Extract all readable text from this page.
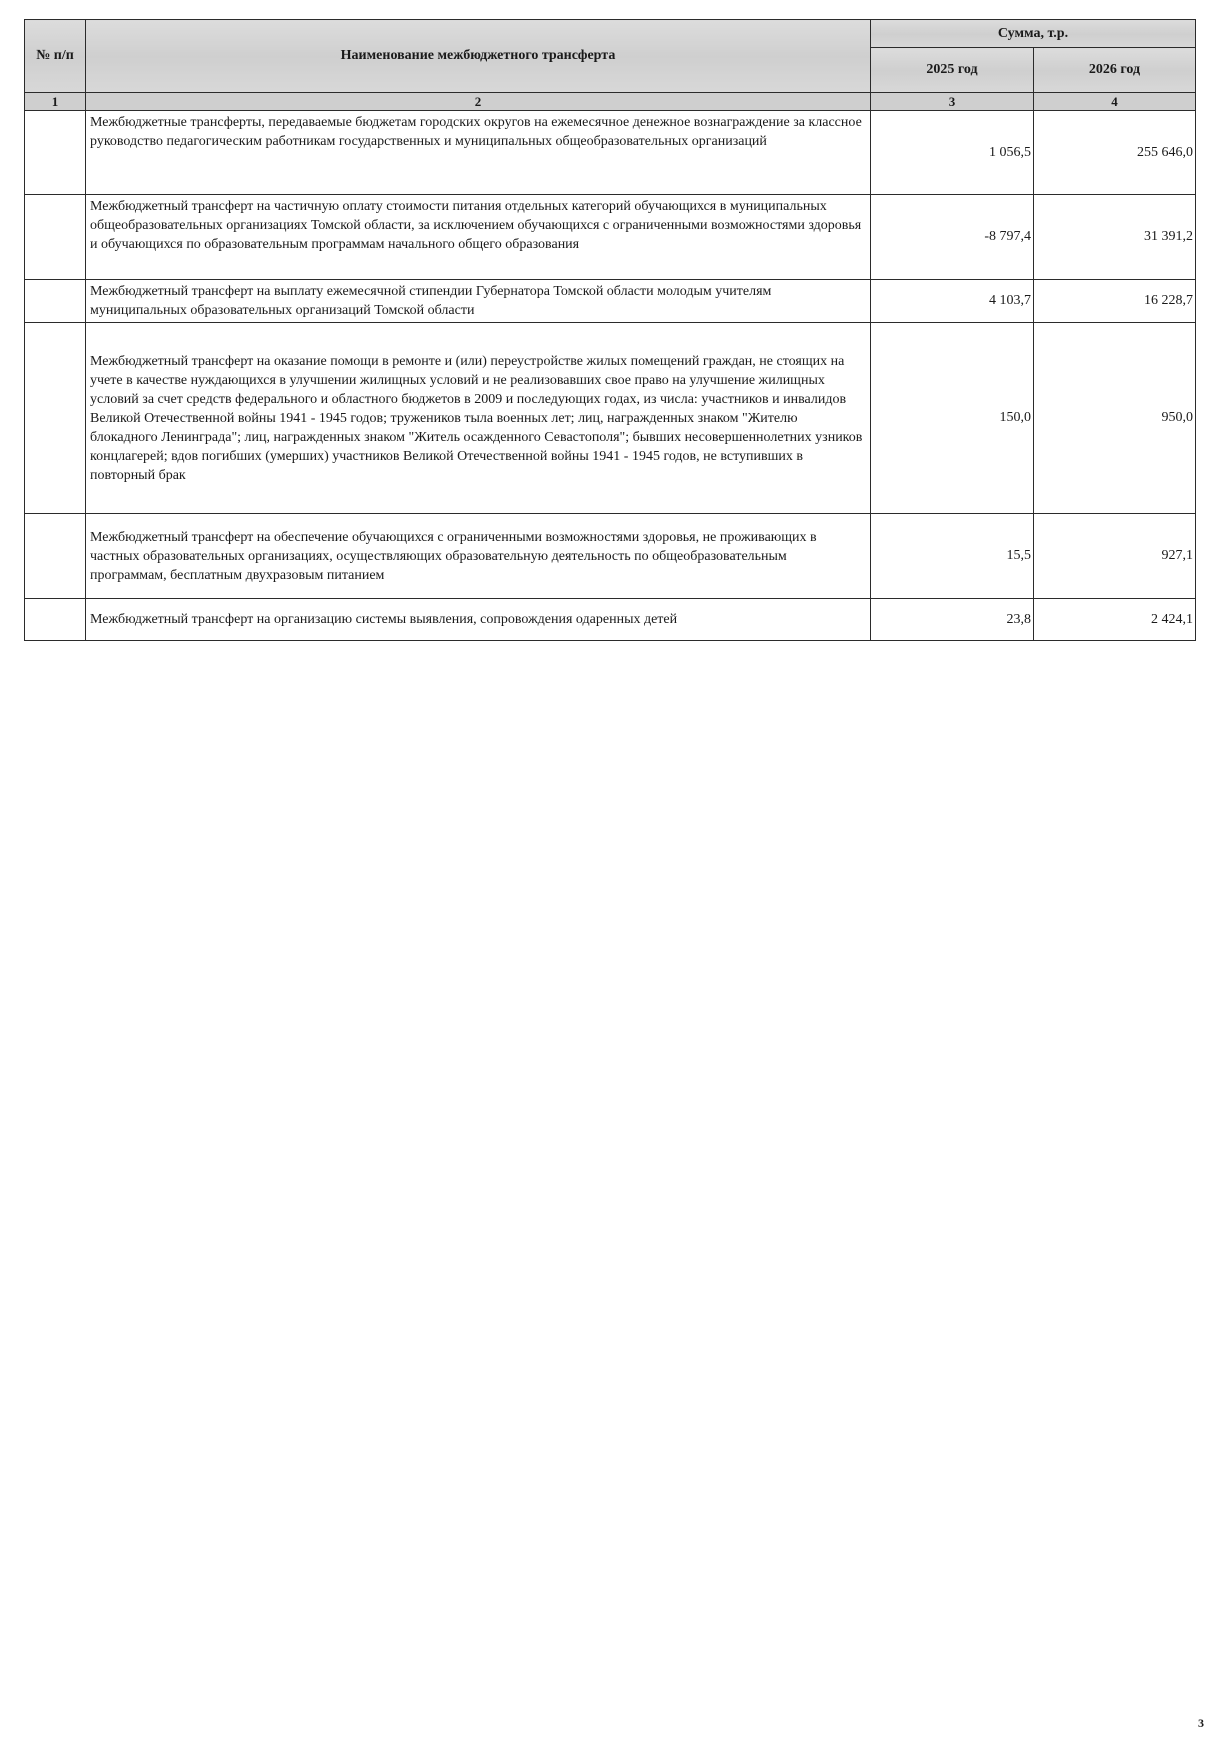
№ п/п	Наименование межбюджетного трансферта	Сумма, т.р.	
		2025 год	2026 год
1	2	3	4
	Межбюджетные трансферты, передаваемые бюджетам городских округов на ежемесячное денежное вознаграждение за классное руководство педагогическим работникам государственных и муниципальных общеобразовательных организаций	1 056,5	255 646,0
	Межбюджетный трансферт на частичную оплату стоимости питания отдельных категорий обучающихся в муниципальных общеобразовательных организациях Томской области, за исключением обучающихся с ограниченными возможностями здоровья и обучающихся по образовательным программам начального общего образования	-8 797,4	31 391,2
	Межбюджетный трансферт на выплату ежемесячной стипендии Губернатора Томской области молодым учителям муниципальных образовательных организаций Томской области	4 103,7	16 228,7
	Межбюджетный трансферт на оказание помощи в ремонте и (или) переустройстве жилых помещений граждан, не стоящих на учете в качестве нуждающихся в улучшении жилищных условий и не реализовавших свое право на улучшение жилищных условий за счет средств федерального и областного бюджетов в 2009 и последующих годах, из числа: участников и инвалидов Великой Отечественной войны 1941 - 1945 годов; тружеников тыла военных лет; лиц, награжденных знаком "Жителю блокадного Ленинграда"; лиц, награжденных знаком "Житель осажденного Севастополя"; бывших несовершеннолетних узников концлагерей; вдов погибших (умерших) участников Великой Отечественной войны 1941 - 1945 годов, не вступивших в повторный брак	150,0	950,0
	Межбюджетный трансферт на обеспечение обучающихся с ограниченными возможностями здоровья, не проживающих в частных образовательных организациях, осуществляющих образовательную деятельность по общеобразовательным программам, бесплатным двухразовым питанием	15,5	927,1
	Межбюджетный трансферт на организацию системы выявления, сопровождения одаренных детей	23,8	2 424,1
3
